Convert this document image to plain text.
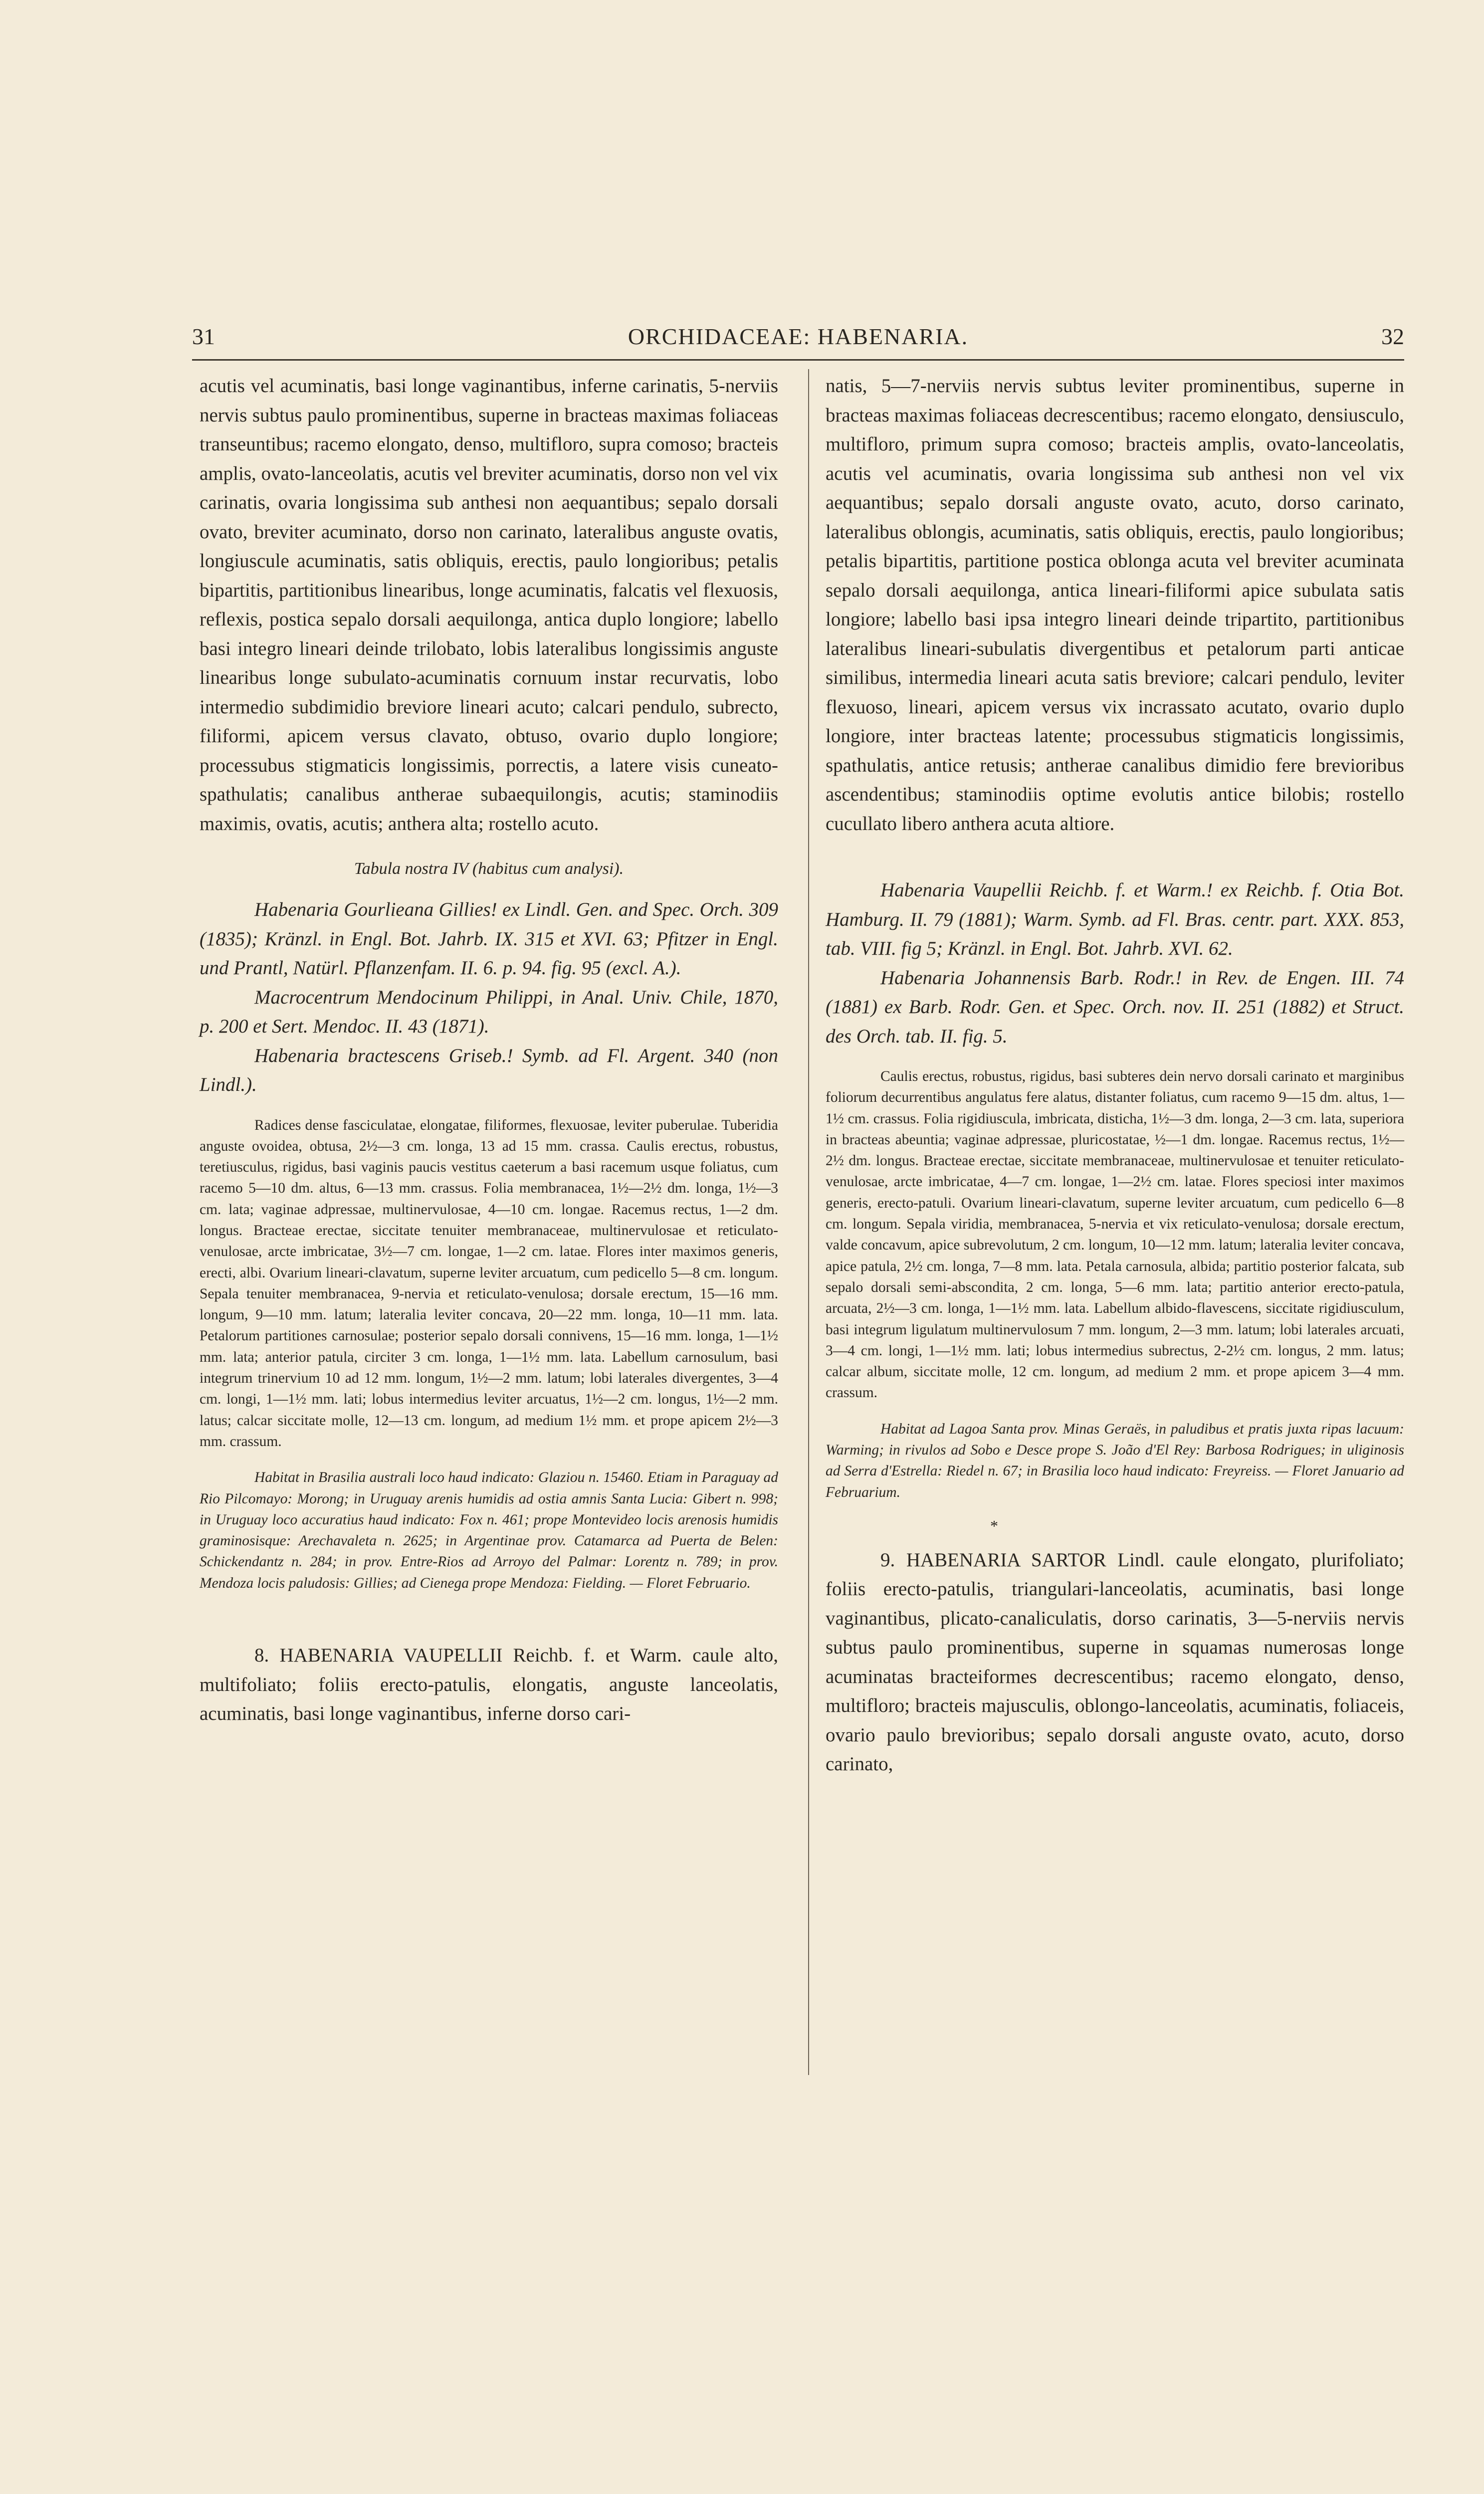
31	ORCHIDACEAE: HABENARIA.	32

acutis vel acuminatis, basi longe vaginantibus, inferne carinatis, 5-nerviis nervis subtus paulo prominentibus, superne in bracteas maximas foliaceas transeuntibus; racemo elongato, denso, multifloro, supra comoso; bracteis amplis, ovato-lanceolatis, acutis vel breviter acuminatis, dorso non vel vix carinatis, ovaria longissima sub anthesi non aequantibus; sepalo dorsali ovato, breviter acuminato, dorso non carinato, lateralibus anguste ovatis, longiuscule acuminatis, satis obliquis, erectis, paulo longioribus; petalis bipartitis, partitionibus linearibus, longe acuminatis, falcatis vel flexuosis, reflexis, postica sepalo dorsali aequilonga, antica duplo longiore; labello basi integro lineari deinde trilobato, lobis lateralibus longissimis anguste linearibus longe subulato-acuminatis cornuum instar recurvatis, lobo intermedio subdimidio breviore lineari acuto; calcari pendulo, subrecto, filiformi, apicem versus clavato, obtuso, ovario duplo longiore; processubus stigmaticis longissimis, porrectis, a latere visis cuneato-spathulatis; canalibus antherae subaequilongis, acutis; staminodiis maximis, ovatis, acutis; anthera alta; rostello acuto.

Tabula nostra IV (habitus cum analysi).

Habenaria Gourlieana Gillies! ex Lindl. Gen. and Spec. Orch. 309 (1835); Kränzl. in Engl. Bot. Jahrb. IX. 315 et XVI. 63; Pfitzer in Engl. und Prantl, Natürl. Pflanzenfam. II. 6. p. 94. fig. 95 (excl. A.).

Macrocentrum Mendocinum Philippi, in Anal. Univ. Chile, 1870, p. 200 et Sert. Mendoc. II. 43 (1871).

Habenaria bractescens Griseb.! Symb. ad Fl. Argent. 340 (non Lindl.).

Radices dense fasciculatae, elongatae, filiformes, flexuosae, leviter puberulae. Tuberidia anguste ovoidea, obtusa, 2½—3 cm. longa, 13 ad 15 mm. crassa. Caulis erectus, robustus, teretiusculus, rigidus, basi vaginis paucis vestitus caeterum a basi racemum usque foliatus, cum racemo 5—10 dm. altus, 6—13 mm. crassus. Folia membranacea, 1½—2½ dm. longa, 1½—3 cm. lata; vaginae adpressae, multinervulosae, 4—10 cm. longae. Racemus rectus, 1—2 dm. longus. Bracteae erectae, siccitate tenuiter membranaceae, multinervulosae et reticulato-venulosae, arcte imbricatae, 3½—7 cm. longae, 1—2 cm. latae. Flores inter maximos generis, erecti, albi. Ovarium lineari-clavatum, superne leviter arcuatum, cum pedicello 5—8 cm. longum. Sepala tenuiter membranacea, 9-nervia et reticulato-venulosa; dorsale erectum, 15—16 mm. longum, 9—10 mm. latum; lateralia leviter concava, 20—22 mm. longa, 10—11 mm. lata. Petalorum partitiones carnosulae; posterior sepalo dorsali connivens, 15—16 mm. longa, 1—1½ mm. lata; anterior patula, circiter 3 cm. longa, 1—1½ mm. lata. Labellum carnosulum, basi integrum trinervium 10 ad 12 mm. longum, 1½—2 mm. latum; lobi laterales divergentes, 3—4 cm. longi, 1—1½ mm. lati; lobus intermedius leviter arcuatus, 1½—2 cm. longus, 1½—2 mm. latus; calcar siccitate molle, 12—13 cm. longum, ad medium 1½ mm. et prope apicem 2½—3 mm. crassum.

Habitat in Brasilia australi loco haud indicato: Glaziou n. 15460. Etiam in Paraguay ad Rio Pilcomayo: Morong; in Uruguay arenis humidis ad ostia amnis Santa Lucia: Gibert n. 998; in Uruguay loco accuratius haud indicato: Fox n. 461; prope Montevideo locis arenosis humidis graminosisque: Arechavaleta n. 2625; in Argentinae prov. Catamarca ad Puerta de Belen: Schickendantz n. 284; in prov. Entre-Rios ad Arroyo del Palmar: Lorentz n. 789; in prov. Mendoza locis paludosis: Gillies; ad Cienega prope Mendoza: Fielding. — Floret Februario.

8. HABENARIA VAUPELLII Reichb. f. et Warm. caule alto, multifoliato; foliis erecto-patulis, elongatis, anguste lanceolatis, acuminatis, basi longe vaginantibus, inferne dorso cari-

natis, 5—7-nerviis nervis subtus leviter prominentibus, superne in bracteas maximas foliaceas decrescentibus; racemo elongato, densiusculo, multifloro, primum supra comoso; bracteis amplis, ovato-lanceolatis, acutis vel acuminatis, ovaria longissima sub anthesi non vel vix aequantibus; sepalo dorsali anguste ovato, acuto, dorso carinato, lateralibus oblongis, acuminatis, satis obliquis, erectis, paulo longioribus; petalis bipartitis, partitione postica oblonga acuta vel breviter acuminata sepalo dorsali aequilonga, antica lineari-filiformi apice subulata satis longiore; labello basi ipsa integro lineari deinde tripartito, partitionibus lateralibus lineari-subulatis divergentibus et petalorum parti anticae similibus, intermedia lineari acuta satis breviore; calcari pendulo, leviter flexuoso, lineari, apicem versus vix incrassato acutato, ovario duplo longiore, inter bracteas latente; processubus stigmaticis longissimis, spathulatis, antice retusis; antherae canalibus dimidio fere brevioribus ascendentibus; staminodiis optime evolutis antice bilobis; rostello cucullato libero anthera acuta altiore.

Habenaria Vaupellii Reichb. f. et Warm.! ex Reichb. f. Otia Bot. Hamburg. II. 79 (1881); Warm. Symb. ad Fl. Bras. centr. part. XXX. 853, tab. VIII. fig 5; Kränzl. in Engl. Bot. Jahrb. XVI. 62.

Habenaria Johannensis Barb. Rodr.! in Rev. de Engen. III. 74 (1881) ex Barb. Rodr. Gen. et Spec. Orch. nov. II. 251 (1882) et Struct. des Orch. tab. II. fig. 5.

Caulis erectus, robustus, rigidus, basi subteres dein nervo dorsali carinato et marginibus foliorum decurrentibus angulatus fere alatus, distanter foliatus, cum racemo 9—15 dm. altus, 1—1½ cm. crassus. Folia rigidiuscula, imbricata, disticha, 1½—3 dm. longa, 2—3 cm. lata, superiora in bracteas abeuntia; vaginae adpressae, pluricostatae, ½—1 dm. longae. Racemus rectus, 1½—2½ dm. longus. Bracteae erectae, siccitate membranaceae, multinervulosae et tenuiter reticulato-venulosae, arcte imbricatae, 4—7 cm. longae, 1—2½ cm. latae. Flores speciosi inter maximos generis, erecto-patuli. Ovarium lineari-clavatum, superne leviter arcuatum, cum pedicello 6—8 cm. longum. Sepala viridia, membranacea, 5-nervia et vix reticulato-venulosa; dorsale erectum, valde concavum, apice subrevolutum, 2 cm. longum, 10—12 mm. latum; lateralia leviter concava, apice patula, 2½ cm. longa, 7—8 mm. lata. Petala carnosula, albida; partitio posterior falcata, sub sepalo dorsali semi-abscondita, 2 cm. longa, 5—6 mm. lata; partitio anterior erecto-patula, arcuata, 2½—3 cm. longa, 1—1½ mm. lata. Labellum albido-flavescens, siccitate rigidiusculum, basi integrum ligulatum multinervulosum 7 mm. longum, 2—3 mm. latum; lobi laterales arcuati, 3—4 cm. longi, 1—1½ mm. lati; lobus intermedius subrectus, 2-2½ cm. longus, 2 mm. latus; calcar album, siccitate molle, 12 cm. longum, ad medium 2 mm. et prope apicem 3—4 mm. crassum.

Habitat ad Lagoa Santa prov. Minas Geraës, in paludibus et pratis juxta ripas lacuum: Warming; in rivulos ad Sobo e Desce prope S. João d'El Rey: Barbosa Rodrigues; in uliginosis ad Serra d'Estrella: Riedel n. 67; in Brasilia loco haud indicato: Freyreiss. — Floret Januario ad Februarium.

*

9. HABENARIA SARTOR Lindl. caule elongato, plurifoliato; foliis erecto-patulis, triangulari-lanceolatis, acuminatis, basi longe vaginantibus, plicato-canaliculatis, dorso carinatis, 3—5-nerviis nervis subtus paulo prominentibus, superne in squamas numerosas longe acuminatas bracteiformes decrescentibus; racemo elongato, denso, multifloro; bracteis majusculis, oblongo-lanceolatis, acuminatis, foliaceis, ovario paulo brevioribus; sepalo dorsali anguste ovato, acuto, dorso carinato,
